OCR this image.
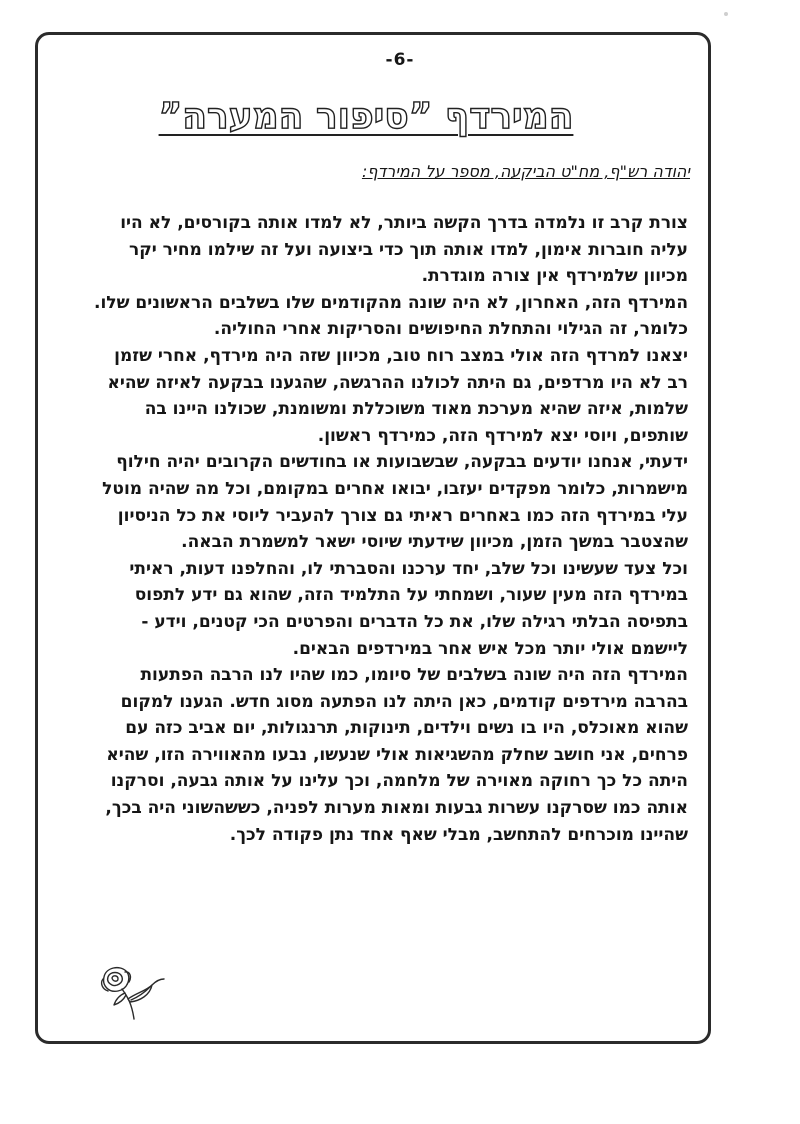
-6-
המירדף ”סיפור המערה”
יהודה רש"ף, מח"ט הביקעה, מספר על המירדף:
צורת קרב זו נלמדה בדרך הקשה ביותר, לא למדו אותה בקורסים, לא היו
עליה חוברות אימון, למדו אותה תוך כדי ביצועה ועל זה שילמו מחיר יקר
מכיוון שלמירדף אין צורה מוגדרת.
המירדף הזה, האחרון, לא היה שונה מהקודמים שלו בשלבים הראשונים שלו.
כלומר, זה הגילוי והתחלת החיפושים והסריקות אחרי החוליה.
יצאנו למרדף הזה אולי במצב רוח טוב, מכיוון שזה היה מירדף, אחרי שזמן
רב לא היו מרדפים, גם היתה לכולנו ההרגשה, שהגענו בבקעה לאיזה שהיא
שלמות, איזה שהיא מערכת מאוד משוכללת ומשומנת, שכולנו היינו בה
שותפים, ויוסי יצא למירדף הזה, כמירדף ראשון.
ידעתי, אנחנו יודעים בבקעה, שבשבועות או בחודשים הקרובים יהיה חילוף
מישמרות, כלומר מפקדים יעזבו, יבואו אחרים במקומם, וכל מה שהיה מוטל
עלי במירדף הזה כמו באחרים ראיתי גם צורך להעביר ליוסי את כל הניסיון
שהצטבר במשך הזמן, מכיוון שידעתי שיוסי ישאר למשמרת הבאה.
וכל צעד שעשינו וכל שלב, יחד ערכנו והסברתי לו, והחלפנו דעות, ראיתי
במירדף הזה מעין שעור, ושמחתי על התלמיד הזה, שהוא גם ידע לתפוס
בתפיסה הבלתי רגילה שלו, את כל הדברים והפרטים הכי קטנים, וידע -
ליישמם אולי יותר מכל איש אחר במירדפים הבאים.
המירדף הזה היה שונה בשלבים של סיומו, כמו שהיו לנו הרבה הפתעות
בהרבה מירדפים קודמים, כאן היתה לנו הפתעה מסוג חדש. הגענו למקום
שהוא מאוכלס, היו בו נשים וילדים, תינוקות, תרנגולות, יום אביב כזה עם
פרחים, אני חושב שחלק מהשגיאות אולי שנעשו, נבעו מהאווירה הזו, שהיא
היתה כל כך רחוקה מאוירה של מלחמה, וכך עלינו על אותה גבעה, וסרקנו
אותה כמו שסרקנו עשרות גבעות ומאות מערות לפניה, כששהשוני היה בכך,
שהיינו מוכרחים להתחשב, מבלי שאף אחד נתן פקודה לכך.
